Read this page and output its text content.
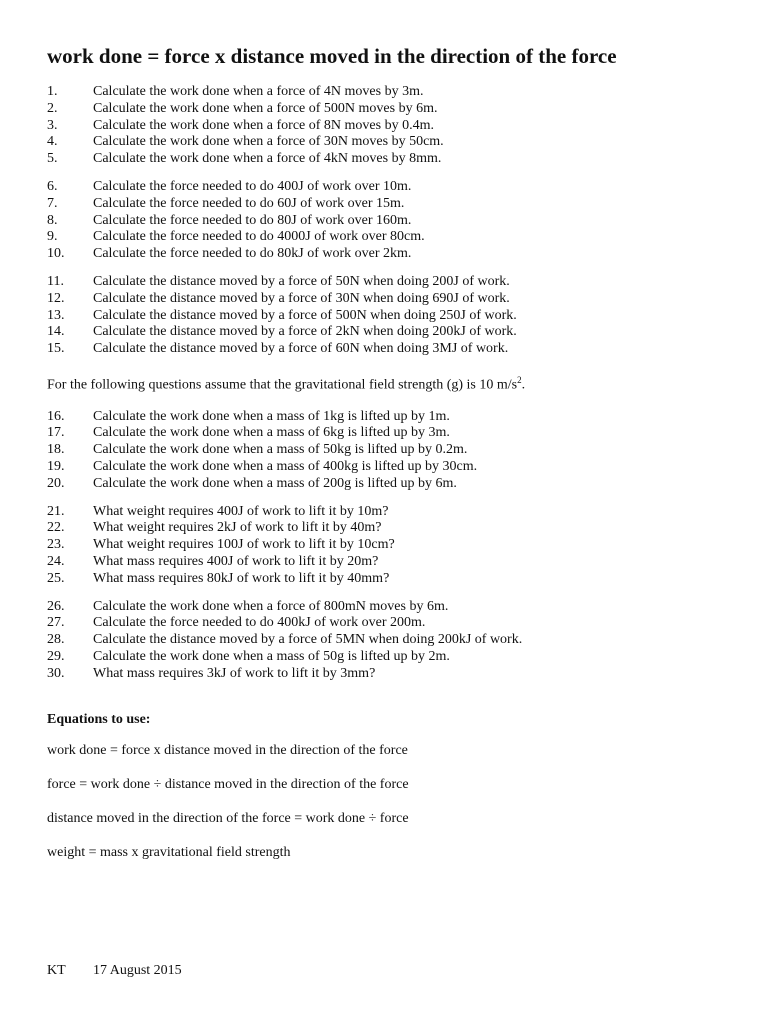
work done = force x distance moved in the direction of the force
1.	Calculate the work done when a force of 4N moves by 3m.
2.	Calculate the work done when a force of 500N moves by 6m.
3.	Calculate the work done when a force of 8N moves by 0.4m.
4.	Calculate the work done when a force of 30N moves by 50cm.
5.	Calculate the work done when a force of 4kN moves by 8mm.
6.	Calculate the force needed to do 400J of work over 10m.
7.	Calculate the force needed to do 60J of work over 15m.
8.	Calculate the force needed to do 80J of work over 160m.
9.	Calculate the force needed to do 4000J of work over 80cm.
10.	Calculate the force needed to do 80kJ of work over 2km.
11.	Calculate the distance moved by a force of 50N when doing 200J of work.
12.	Calculate the distance moved by a force of 30N when doing 690J of work.
13.	Calculate the distance moved by a force of 500N when doing 250J of work.
14.	Calculate the distance moved by a force of 2kN when doing 200kJ of work.
15.	Calculate the distance moved by a force of 60N when doing 3MJ of work.

For the following questions assume that the gravitational field strength (g) is 10 $m/s^2$.

16.	Calculate the work done when a mass of 1kg is lifted up by 1m.
17.	Calculate the work done when a mass of 6kg is lifted up by 3m.
18.	Calculate the work done when a mass of 50kg is lifted up by 0.2m.
19.	Calculate the work done when a mass of 400kg is lifted up by 30cm.
20.	Calculate the work done when a mass of 200g is lifted up by 6m.
21.	What weight requires 400J of work to lift it by 10m?
22.	What weight requires 2kJ of work to lift it by 40m?
23.	What weight requires 100J of work to lift it by 10cm?
24.	What mass requires 400J of work to lift it by 20m?
25.	What mass requires 80kJ of work to lift it by 40mm?
26.	Calculate the work done when a force of 800mN moves by 6m.
27.	Calculate the force needed to do 400kJ of work over 200m.
28.	Calculate the distance moved by a force of 5MN when doing 200kJ of work.
29.	Calculate the work done when a mass of 50g is lifted up by 2m.
30.	What mass requires 3kJ of work to lift it by 3mm?
Equations to use:
work done = force x distance moved in the direction of the force
force = work done ÷ distance moved in the direction of the force
distance moved in the direction of the force = work done ÷ force
weight = mass x gravitational field strength
KT	17 August 2015
